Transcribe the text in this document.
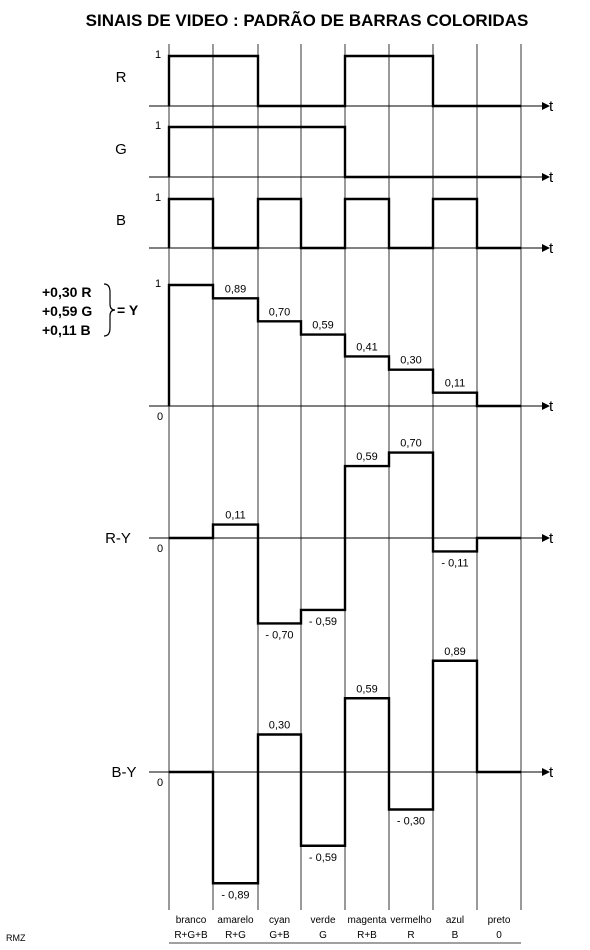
SINAIS DE VIDEO : PADRÃO DE BARRAS COLORIDAS
t
1
R
t
1
G
t
1
B
t
1
0
0,89
0,70
0,59
0,41
0,30
0,11
t
0
R-Y
0,11
- 0,70
- 0,59
0,59
0,70
- 0,11
t
0
B-Y
- 0,89
0,30
- 0,59
0,59
- 0,30
0,89
+0,30 R
+0,59 G
+0,11 B
= Y
branco
R+G+B
amarelo
R+G
cyan
G+B
verde
G
magenta
R+B
vermelho
R
azul
B
preto
0
RMZ
